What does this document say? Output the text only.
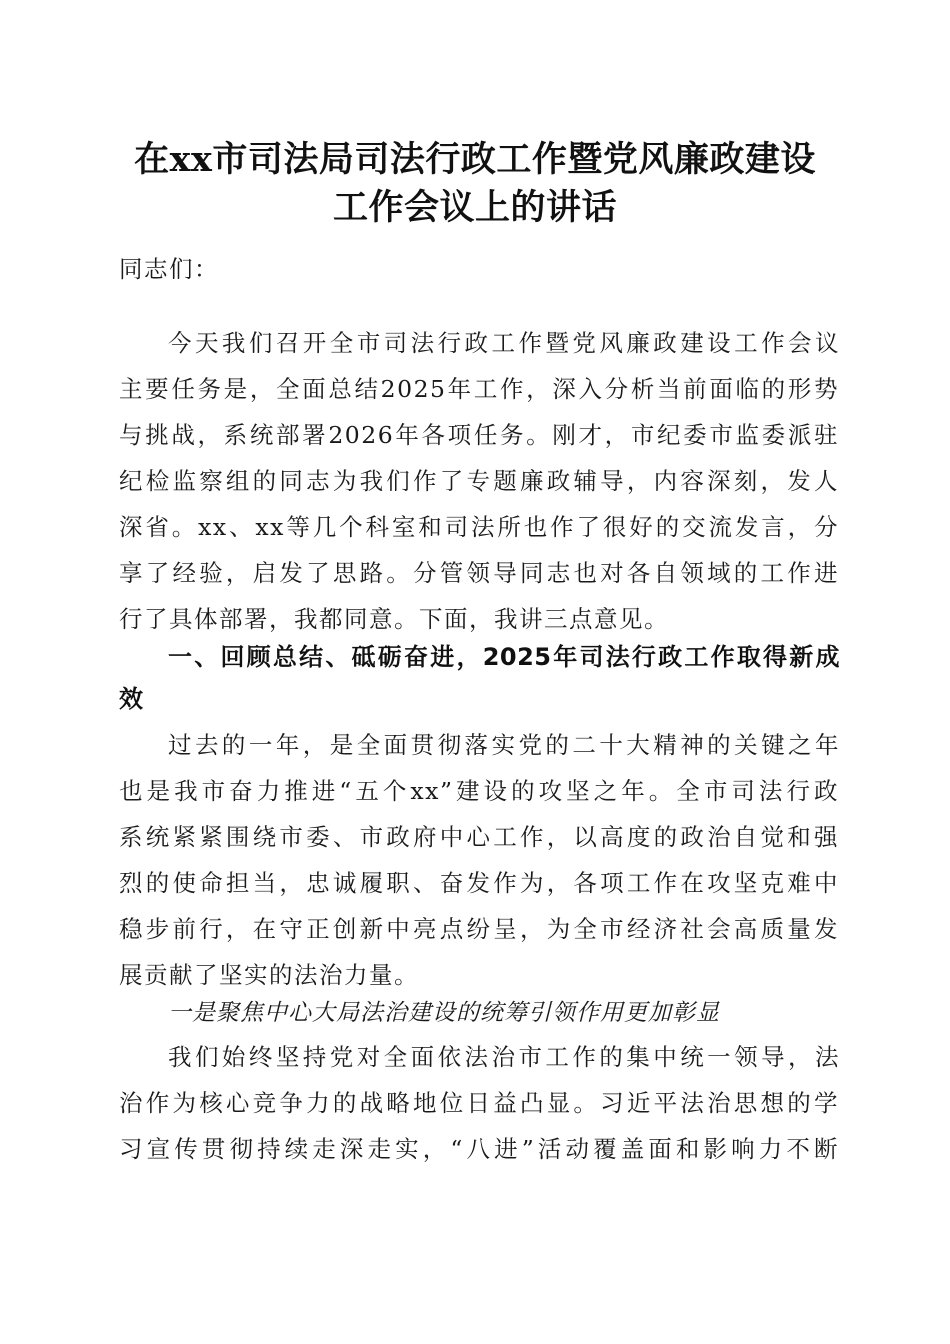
在xx市司法局司法行政工作暨党风廉政建设
工作会议上的讲话
同志们：
今天我们召开全市司法行政工作暨党风廉政建设工作会议
主要任务是，全面总结2025年工作，深入分析当前面临的形势
与挑战，系统部署2026年各项任务。刚才，市纪委市监委派驻
纪检监察组的同志为我们作了专题廉政辅导，内容深刻，发人
深省。xx、xx等几个科室和司法所也作了很好的交流发言，分
享了经验，启发了思路。分管领导同志也对各自领域的工作进
行了具体部署，我都同意。下面，我讲三点意见。
一、回顾总结、砥砺奋进，2025年司法行政工作取得新成
效
过去的一年，是全面贯彻落实党的二十大精神的关键之年
也是我市奋力推进“五个xx”建设的攻坚之年。全市司法行政
系统紧紧围绕市委、市政府中心工作，以高度的政治自觉和强
烈的使命担当，忠诚履职、奋发作为，各项工作在攻坚克难中
稳步前行，在守正创新中亮点纷呈，为全市经济社会高质量发
展贡献了坚实的法治力量。
一是聚焦中心大局法治建设的统筹引领作用更加彰显
我们始终坚持党对全面依法治市工作的集中统一领导，法
治作为核心竞争力的战略地位日益凸显。习近平法治思想的学
习宣传贯彻持续走深走实，“八进”活动覆盖面和影响力不断
